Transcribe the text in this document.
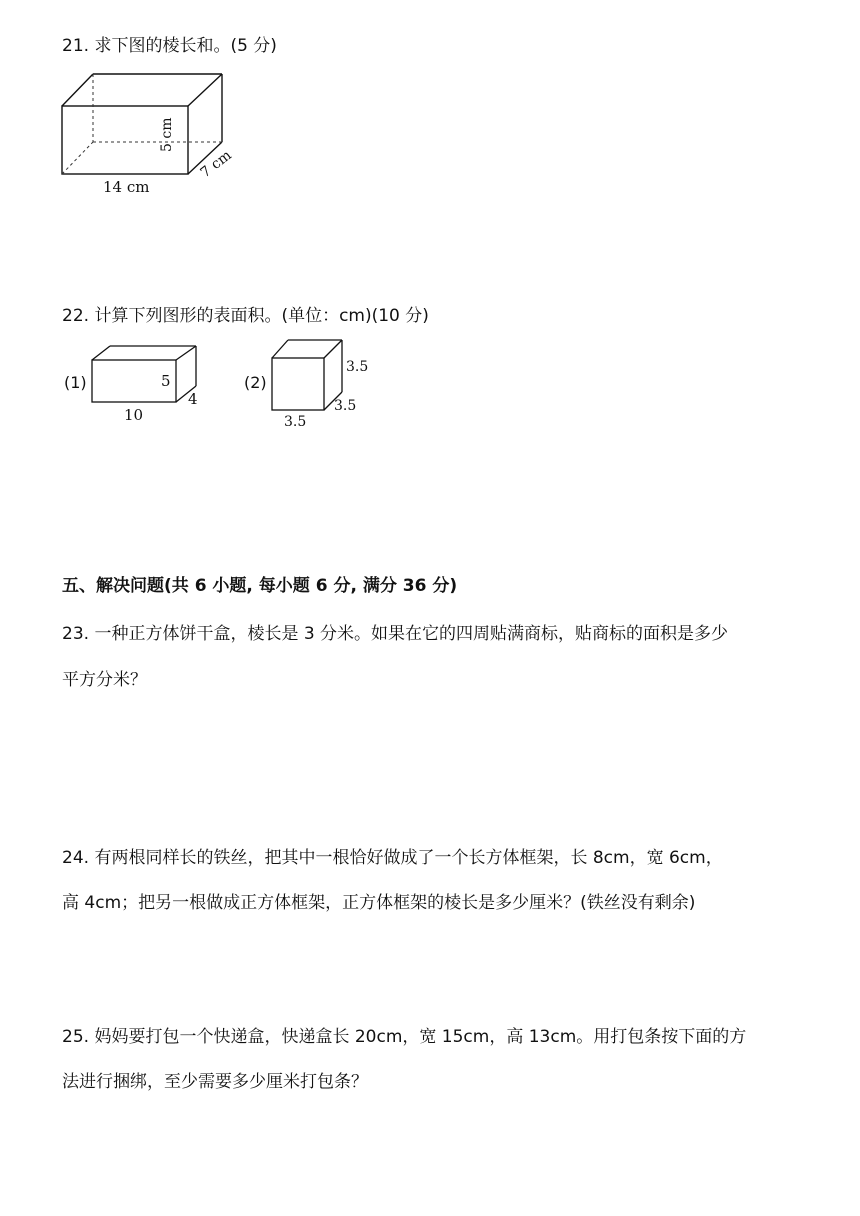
21. 求下图的棱长和。(5 分)
14 cm
5 cm
7 cm
22. 计算下列图形的表面积。(单位：cm)(10 分)
(1)
10
5
4
(2)
3.5
3.5
3.5
五、解决问题(共 6 小题, 每小题 6 分, 满分 36 分)
23. 一种正方体饼干盒，棱长是 3 分米。如果在它的四周贴满商标，贴商标的面积是多少
平方分米？
24. 有两根同样长的铁丝，把其中一根恰好做成了一个长方体框架，长 8cm，宽 6cm，
高 4cm；把另一根做成正方体框架，正方体框架的棱长是多少厘米？(铁丝没有剩余)
25. 妈妈要打包一个快递盒，快递盒长 20cm，宽 15cm，高 13cm。用打包条按下面的方
法进行捆绑，至少需要多少厘米打包条？
